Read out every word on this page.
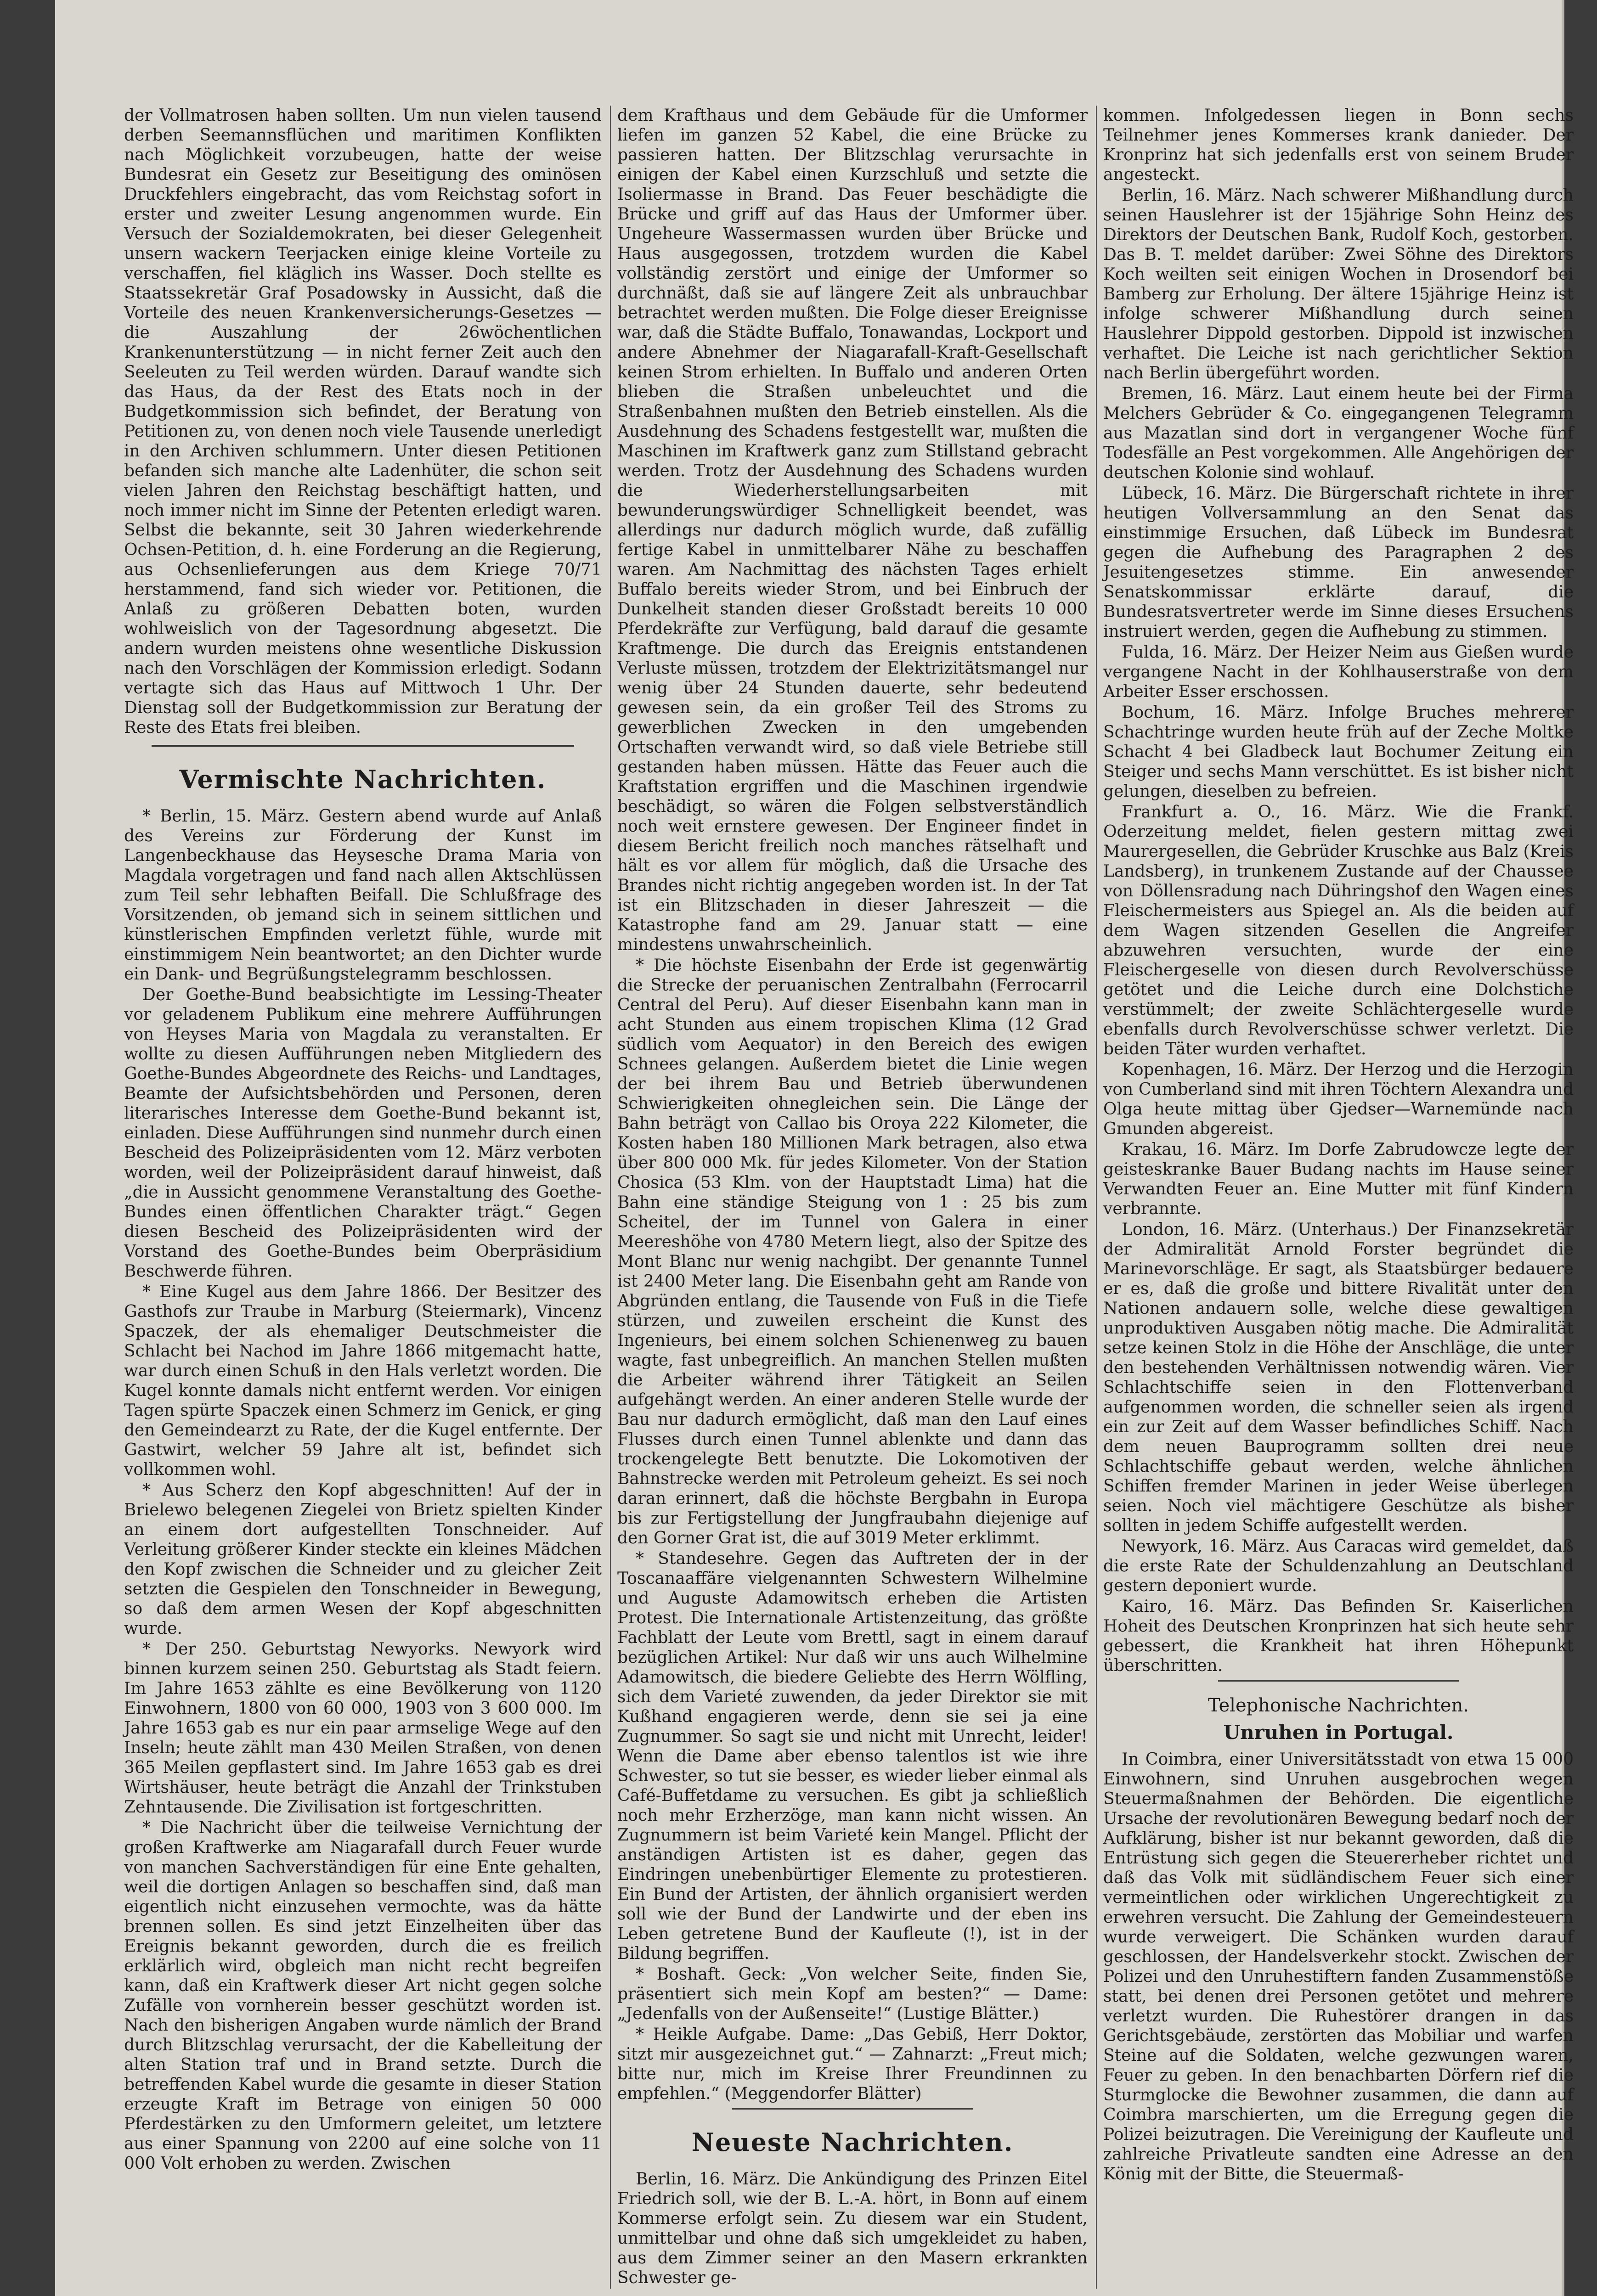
der Vollmatrosen haben sollten. Um nun vielen tausend derben Seemannsflüchen und maritimen Konflikten nach Möglichkeit vorzubeugen, hatte der weise Bundesrat ein Gesetz zur Beseitigung des ominösen Druckfehlers eingebracht, das vom Reichstag sofort in erster und zweiter Lesung angenommen wurde. Ein Versuch der Sozialdemokraten, bei dieser Gelegenheit unsern wackern Teerjacken einige kleine Vorteile zu verschaffen, fiel kläglich ins Wasser. Doch stellte es Staatssekretär Graf Posadowsky in Aussicht, daß die Vorteile des neuen Krankenversicherungs-Gesetzes — die Auszahlung der 26wöchentlichen Krankenunterstützung — in nicht ferner Zeit auch den Seeleuten zu Teil werden würden. Darauf wandte sich das Haus, da der Rest des Etats noch in der Budgetkommission sich befindet, der Beratung von Petitionen zu, von denen noch viele Tausende unerledigt in den Archiven schlummern. Unter diesen Petitionen befanden sich manche alte Ladenhüter, die schon seit vielen Jahren den Reichstag beschäftigt hatten, und noch immer nicht im Sinne der Petenten erledigt waren. Selbst die bekannte, seit 30 Jahren wiederkehrende Ochsen-Petition, d. h. eine Forderung an die Regierung, aus Ochsenlieferungen aus dem Kriege 70/71 herstammend, fand sich wieder vor. Petitionen, die Anlaß zu größeren Debatten boten, wurden wohlweislich von der Tagesordnung abgesetzt. Die andern wurden meistens ohne wesentliche Diskussion nach den Vorschlägen der Kommission erledigt. Sodann vertagte sich das Haus auf Mittwoch 1 Uhr. Der Dienstag soll der Budgetkommission zur Beratung der Reste des Etats frei bleiben.

Vermischte Nachrichten.

* Berlin, 15. März. Gestern abend wurde auf Anlaß des Vereins zur Förderung der Kunst im Langenbeckhause das Heysesche Drama Maria von Magdala vorgetragen und fand nach allen Aktschlüssen zum Teil sehr lebhaften Beifall. Die Schlußfrage des Vorsitzenden, ob jemand sich in seinem sittlichen und künstlerischen Empfinden verletzt fühle, wurde mit einstimmigem Nein beantwortet; an den Dichter wurde ein Dank- und Begrüßungstelegramm beschlossen.

Der Goethe-Bund beabsichtigte im Lessing-Theater vor geladenem Publikum eine mehrere Aufführungen von Heyses Maria von Magdala zu veranstalten. Er wollte zu diesen Aufführungen neben Mitgliedern des Goethe-Bundes Abgeordnete des Reichs- und Landtages, Beamte der Aufsichtsbehörden und Personen, deren literarisches Interesse dem Goethe-Bund bekannt ist, einladen. Diese Aufführungen sind nunmehr durch einen Bescheid des Polizeipräsidenten vom 12. März verboten worden, weil der Polizeipräsident darauf hinweist, daß „die in Aussicht genommene Veranstaltung des Goethe-Bundes einen öffentlichen Charakter trägt.“ Gegen diesen Bescheid des Polizeipräsidenten wird der Vorstand des Goethe-Bundes beim Oberpräsidium Beschwerde führen.

* Eine Kugel aus dem Jahre 1866. Der Besitzer des Gasthofs zur Traube in Marburg (Steiermark), Vincenz Spaczek, der als ehemaliger Deutschmeister die Schlacht bei Nachod im Jahre 1866 mitgemacht hatte, war durch einen Schuß in den Hals verletzt worden. Die Kugel konnte damals nicht entfernt werden. Vor einigen Tagen spürte Spaczek einen Schmerz im Genick, er ging den Gemeindearzt zu Rate, der die Kugel entfernte. Der Gastwirt, welcher 59 Jahre alt ist, befindet sich vollkommen wohl.

* Aus Scherz den Kopf abgeschnitten! Auf der in Brielewo belegenen Ziegelei von Brietz spielten Kinder an einem dort aufgestellten Tonschneider. Auf Verleitung größerer Kinder steckte ein kleines Mädchen den Kopf zwischen die Schneider und zu gleicher Zeit setzten die Gespielen den Tonschneider in Bewegung, so daß dem armen Wesen der Kopf abgeschnitten wurde.

* Der 250. Geburtstag Newyorks. Newyork wird binnen kurzem seinen 250. Geburtstag als Stadt feiern. Im Jahre 1653 zählte es eine Bevölkerung von 1120 Einwohnern, 1800 von 60 000, 1903 von 3 600 000. Im Jahre 1653 gab es nur ein paar armselige Wege auf den Inseln; heute zählt man 430 Meilen Straßen, von denen 365 Meilen gepflastert sind. Im Jahre 1653 gab es drei Wirtshäuser, heute beträgt die Anzahl der Trinkstuben Zehntausende. Die Zivilisation ist fortgeschritten.

* Die Nachricht über die teilweise Vernichtung der großen Kraftwerke am Niagarafall durch Feuer wurde von manchen Sachverständigen für eine Ente gehalten, weil die dortigen Anlagen so beschaffen sind, daß man eigentlich nicht einzusehen vermochte, was da hätte brennen sollen. Es sind jetzt Einzelheiten über das Ereignis bekannt geworden, durch die es freilich erklärlich wird, obgleich man nicht recht begreifen kann, daß ein Kraftwerk dieser Art nicht gegen solche Zufälle von vornherein besser geschützt worden ist. Nach den bisherigen Angaben wurde nämlich der Brand durch Blitzschlag verursacht, der die Kabelleitung der alten Station traf und in Brand setzte. Durch die betreffenden Kabel wurde die gesamte in dieser Station erzeugte Kraft im Betrage von einigen 50 000 Pferdestärken zu den Umformern geleitet, um letztere aus einer Spannung von 2200 auf eine solche von 11 000 Volt erhoben zu werden. Zwischen

dem Krafthaus und dem Gebäude für die Umformer liefen im ganzen 52 Kabel, die eine Brücke zu passieren hatten. Der Blitzschlag verursachte in einigen der Kabel einen Kurzschluß und setzte die Isoliermasse in Brand. Das Feuer beschädigte die Brücke und griff auf das Haus der Umformer über. Ungeheure Wassermassen wurden über Brücke und Haus ausgegossen, trotzdem wurden die Kabel vollständig zerstört und einige der Umformer so durchnäßt, daß sie auf längere Zeit als unbrauchbar betrachtet werden mußten. Die Folge dieser Ereignisse war, daß die Städte Buffalo, Tonawandas, Lockport und andere Abnehmer der Niagarafall-Kraft-Gesellschaft keinen Strom erhielten. In Buffalo und anderen Orten blieben die Straßen unbeleuchtet und die Straßenbahnen mußten den Betrieb einstellen. Als die Ausdehnung des Schadens festgestellt war, mußten die Maschinen im Kraftwerk ganz zum Stillstand gebracht werden. Trotz der Ausdehnung des Schadens wurden die Wiederherstellungsarbeiten mit bewunderungswürdiger Schnelligkeit beendet, was allerdings nur dadurch möglich wurde, daß zufällig fertige Kabel in unmittelbarer Nähe zu beschaffen waren. Am Nachmittag des nächsten Tages erhielt Buffalo bereits wieder Strom, und bei Einbruch der Dunkelheit standen dieser Großstadt bereits 10 000 Pferdekräfte zur Verfügung, bald darauf die gesamte Kraftmenge. Die durch das Ereignis entstandenen Verluste müssen, trotzdem der Elektrizitätsmangel nur wenig über 24 Stunden dauerte, sehr bedeutend gewesen sein, da ein großer Teil des Stroms zu gewerblichen Zwecken in den umgebenden Ortschaften verwandt wird, so daß viele Betriebe still gestanden haben müssen. Hätte das Feuer auch die Kraftstation ergriffen und die Maschinen irgendwie beschädigt, so wären die Folgen selbstverständlich noch weit ernstere gewesen. Der Engineer findet in diesem Bericht freilich noch manches rätselhaft und hält es vor allem für möglich, daß die Ursache des Brandes nicht richtig angegeben worden ist. In der Tat ist ein Blitzschaden in dieser Jahreszeit — die Katastrophe fand am 29. Januar statt — eine mindestens unwahrscheinlich.

* Die höchste Eisenbahn der Erde ist gegenwärtig die Strecke der peruanischen Zentralbahn (Ferrocarril Central del Peru). Auf dieser Eisenbahn kann man in acht Stunden aus einem tropischen Klima (12 Grad südlich vom Aequator) in den Bereich des ewigen Schnees gelangen. Außerdem bietet die Linie wegen der bei ihrem Bau und Betrieb überwundenen Schwierigkeiten ohnegleichen sein. Die Länge der Bahn beträgt von Callao bis Oroya 222 Kilometer, die Kosten haben 180 Millionen Mark betragen, also etwa über 800 000 Mk. für jedes Kilometer. Von der Station Chosica (53 Klm. von der Hauptstadt Lima) hat die Bahn eine ständige Steigung von 1 : 25 bis zum Scheitel, der im Tunnel von Galera in einer Meereshöhe von 4780 Metern liegt, also der Spitze des Mont Blanc nur wenig nachgibt. Der genannte Tunnel ist 2400 Meter lang. Die Eisenbahn geht am Rande von Abgründen entlang, die Tausende von Fuß in die Tiefe stürzen, und zuweilen erscheint die Kunst des Ingenieurs, bei einem solchen Schienenweg zu bauen wagte, fast unbegreiflich. An manchen Stellen mußten die Arbeiter während ihrer Tätigkeit an Seilen aufgehängt werden. An einer anderen Stelle wurde der Bau nur dadurch ermöglicht, daß man den Lauf eines Flusses durch einen Tunnel ablenkte und dann das trockengelegte Bett benutzte. Die Lokomotiven der Bahnstrecke werden mit Petroleum geheizt. Es sei noch daran erinnert, daß die höchste Bergbahn in Europa bis zur Fertigstellung der Jungfraubahn diejenige auf den Gorner Grat ist, die auf 3019 Meter erklimmt.

* Standesehre. Gegen das Auftreten der in der Toscanaaffäre vielgenannten Schwestern Wilhelmine und Auguste Adamowitsch erheben die Artisten Protest. Die Internationale Artistenzeitung, das größte Fachblatt der Leute vom Brettl, sagt in einem darauf bezüglichen Artikel: Nur daß wir uns auch Wilhelmine Adamowitsch, die biedere Geliebte des Herrn Wölfling, sich dem Varieté zuwenden, da jeder Direktor sie mit Kußhand engagieren werde, denn sie sei ja eine Zugnummer. So sagt sie und nicht mit Unrecht, leider! Wenn die Dame aber ebenso talentlos ist wie ihre Schwester, so tut sie besser, es wieder lieber einmal als Café-Buffetdame zu versuchen. Es gibt ja schließlich noch mehr Erzherzöge, man kann nicht wissen. An Zugnummern ist beim Varieté kein Mangel. Pflicht der anständigen Artisten ist es daher, gegen das Eindringen unebenbürtiger Elemente zu protestieren. Ein Bund der Artisten, der ähnlich organisiert werden soll wie der Bund der Landwirte und der eben ins Leben getretene Bund der Kaufleute (!), ist in der Bildung begriffen.

* Boshaft. Geck: „Von welcher Seite, finden Sie, präsentiert sich mein Kopf am besten?“ — Dame: „Jedenfalls von der Außenseite!“ (Lustige Blätter.)

* Heikle Aufgabe. Dame: „Das Gebiß, Herr Doktor, sitzt mir ausgezeichnet gut.“ — Zahnarzt: „Freut mich; bitte nur, mich im Kreise Ihrer Freundinnen zu empfehlen.“ (Meggendorfer Blätter)

Neueste Nachrichten.

Berlin, 16. März. Die Ankündigung des Prinzen Eitel Friedrich soll, wie der B. L.-A. hört, in Bonn auf einem Kommerse erfolgt sein. Zu diesem war ein Student, unmittelbar und ohne daß sich umgekleidet zu haben, aus dem Zimmer seiner an den Masern erkrankten Schwester ge-

kommen. Infolgedessen liegen in Bonn sechs Teilnehmer jenes Kommerses krank danieder. Der Kronprinz hat sich jedenfalls erst von seinem Bruder angesteckt.

Berlin, 16. März. Nach schwerer Mißhandlung durch seinen Hauslehrer ist der 15jährige Sohn Heinz des Direktors der Deutschen Bank, Rudolf Koch, gestorben. Das B. T. meldet darüber: Zwei Söhne des Direktors Koch weilten seit einigen Wochen in Drosendorf bei Bamberg zur Erholung. Der ältere 15jährige Heinz ist infolge schwerer Mißhandlung durch seinen Hauslehrer Dippold gestorben. Dippold ist inzwischen verhaftet. Die Leiche ist nach gerichtlicher Sektion nach Berlin übergeführt worden.

Bremen, 16. März. Laut einem heute bei der Firma Melchers Gebrüder & Co. eingegangenen Telegramm aus Mazatlan sind dort in vergangener Woche fünf Todesfälle an Pest vorgekommen. Alle Angehörigen der deutschen Kolonie sind wohlauf.

Lübeck, 16. März. Die Bürgerschaft richtete in ihrer heutigen Vollversammlung an den Senat das einstimmige Ersuchen, daß Lübeck im Bundesrat gegen die Aufhebung des Paragraphen 2 des Jesuitengesetzes stimme. Ein anwesender Senatskommissar erklärte darauf, die Bundesratsvertreter werde im Sinne dieses Ersuchens instruiert werden, gegen die Aufhebung zu stimmen.

Fulda, 16. März. Der Heizer Neim aus Gießen wurde vergangene Nacht in der Kohlhauserstraße von dem Arbeiter Esser erschossen.

Bochum, 16. März. Infolge Bruches mehrerer Schachtringe wurden heute früh auf der Zeche Moltke Schacht 4 bei Gladbeck laut Bochumer Zeitung ein Steiger und sechs Mann verschüttet. Es ist bisher nicht gelungen, dieselben zu befreien.

Frankfurt a. O., 16. März. Wie die Frankf. Oderzeitung meldet, fielen gestern mittag zwei Maurergesellen, die Gebrüder Kruschke aus Balz (Kreis Landsberg), in trunkenem Zustande auf der Chaussee von Döllensradung nach Dühringshof den Wagen eines Fleischermeisters aus Spiegel an. Als die beiden auf dem Wagen sitzenden Gesellen die Angreifer abzuwehren versuchten, wurde der eine Fleischergeselle von diesen durch Revolverschüsse getötet und die Leiche durch eine Dolchstiche verstümmelt; der zweite Schlächtergeselle wurde ebenfalls durch Revolverschüsse schwer verletzt. Die beiden Täter wurden verhaftet.

Kopenhagen, 16. März. Der Herzog und die Herzogin von Cumberland sind mit ihren Töchtern Alexandra und Olga heute mittag über Gjedser—Warnemünde nach Gmunden abgereist.

Krakau, 16. März. Im Dorfe Zabrudowcze legte der geisteskranke Bauer Budang nachts im Hause seiner Verwandten Feuer an. Eine Mutter mit fünf Kindern verbrannte.

London, 16. März. (Unterhaus.) Der Finanzsekretär der Admiralität Arnold Forster begründet die Marinevorschläge. Er sagt, als Staatsbürger bedauere er es, daß die große und bittere Rivalität unter den Nationen andauern solle, welche diese gewaltigen unproduktiven Ausgaben nötig mache. Die Admiralität setze keinen Stolz in die Höhe der Anschläge, die unter den bestehenden Verhältnissen notwendig wären. Vier Schlachtschiffe seien in den Flottenverband aufgenommen worden, die schneller seien als irgend ein zur Zeit auf dem Wasser befindliches Schiff. Nach dem neuen Bauprogramm sollten drei neue Schlachtschiffe gebaut werden, welche ähnlichen Schiffen fremder Marinen in jeder Weise überlegen seien. Noch viel mächtigere Geschütze als bisher sollten in jedem Schiffe aufgestellt werden.

Newyork, 16. März. Aus Caracas wird gemeldet, daß die erste Rate der Schuldenzahlung an Deutschland gestern deponiert wurde.

Kairo, 16. März. Das Befinden Sr. Kaiserlichen Hoheit des Deutschen Kronprinzen hat sich heute sehr gebessert, die Krankheit hat ihren Höhepunkt überschritten.

Telephonische Nachrichten.
Unruhen in Portugal.

In Coimbra, einer Universitätsstadt von etwa 15 000 Einwohnern, sind Unruhen ausgebrochen wegen Steuermaßnahmen der Behörden. Die eigentliche Ursache der revolutionären Bewegung bedarf noch der Aufklärung, bisher ist nur bekannt geworden, daß die Entrüstung sich gegen die Steuererheber richtet und daß das Volk mit südländischem Feuer sich einer vermeintlichen oder wirklichen Ungerechtigkeit zu erwehren versucht. Die Zahlung der Gemeindesteuern wurde verweigert. Die Schänken wurden darauf geschlossen, der Handelsverkehr stockt. Zwischen der Polizei und den Unruhestiftern fanden Zusammenstöße statt, bei denen drei Personen getötet und mehrere verletzt wurden. Die Ruhestörer drangen in das Gerichtsgebäude, zerstörten das Mobiliar und warfen Steine auf die Soldaten, welche gezwungen waren, Feuer zu geben. In den benachbarten Dörfern rief die Sturmglocke die Bewohner zusammen, die dann auf Coimbra marschierten, um die Erregung gegen die Polizei beizutragen. Die Vereinigung der Kaufleute und zahlreiche Privatleute sandten eine Adresse an den König mit der Bitte, die Steuermaß-
